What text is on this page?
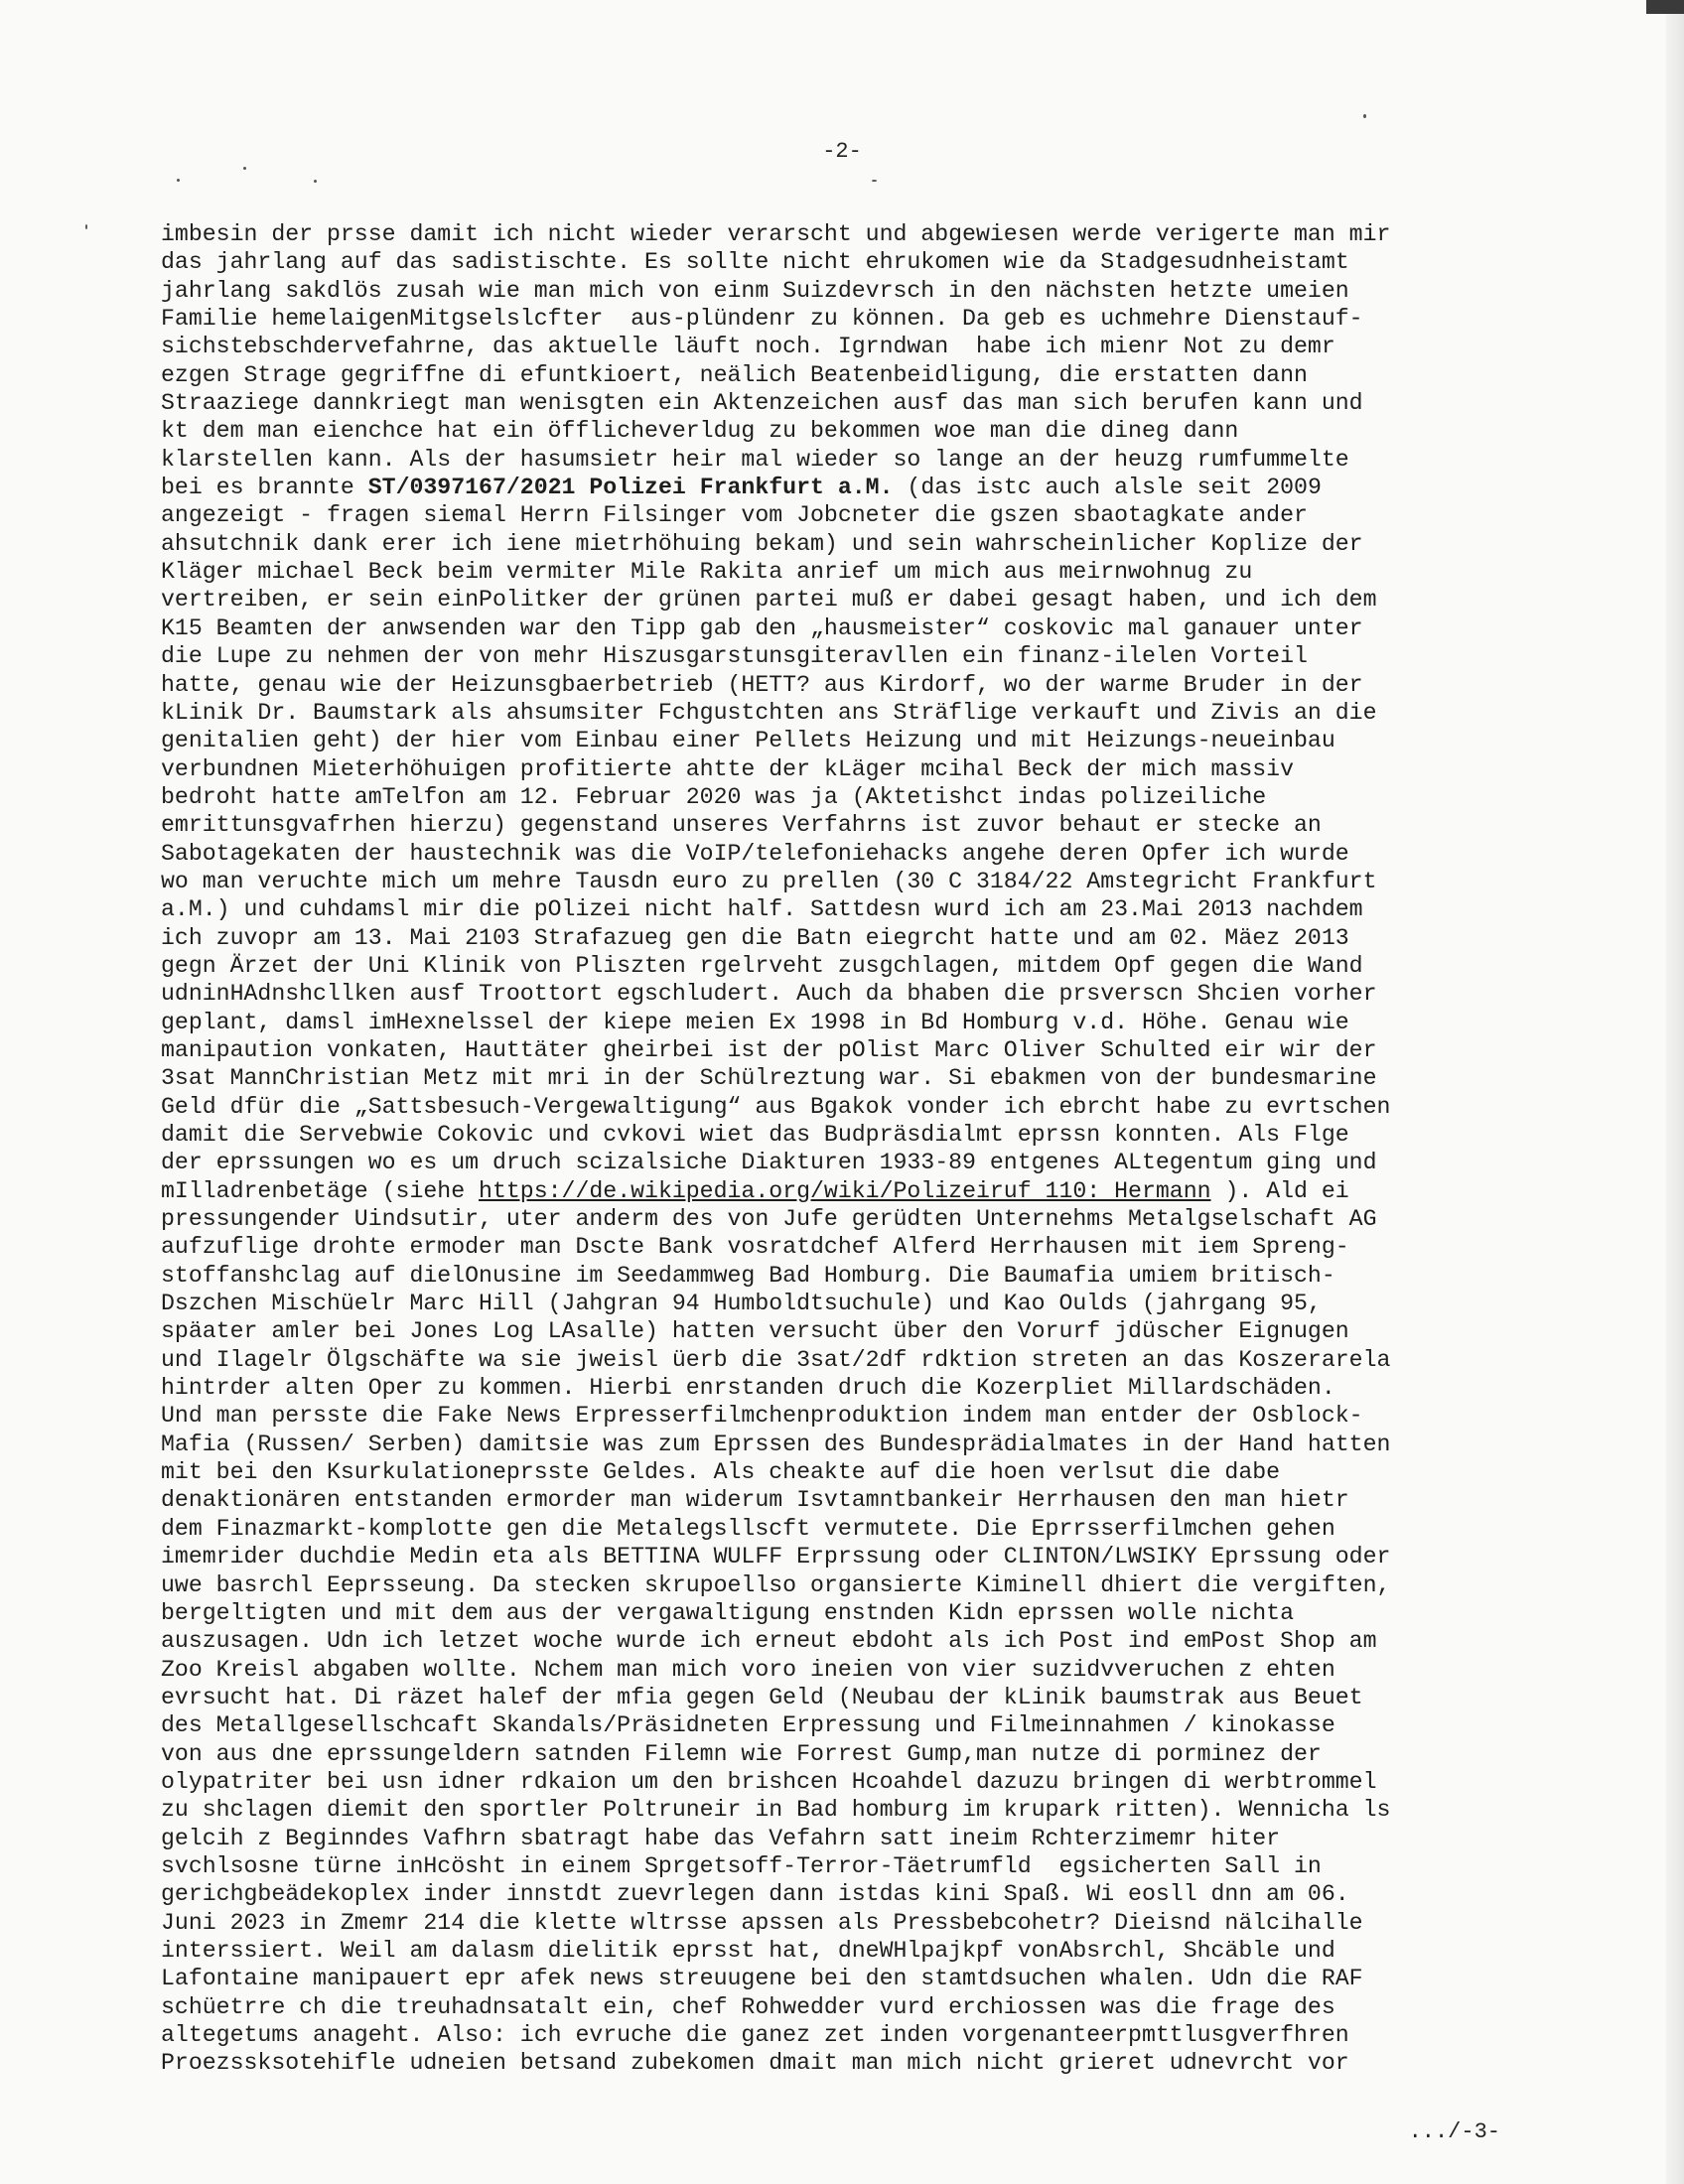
-2-
imbesin der prsse damit ich nicht wieder verarscht und abgewiesen werde verigerte man mir
das jahrlang auf das sadistischte. Es sollte nicht ehrukomen wie da Stadgesudnheistamt
jahrlang sakdlös zusah wie man mich von einm Suizdevrsch in den nächsten hetzte umeien
Familie hemelaigenMitgselslcfter  aus-plündenr zu können. Da geb es uchmehre Dienstauf-
sichstebschdervefahrne, das aktuelle läuft noch. Igrndwan  habe ich mienr Not zu demr
ezgen Strage gegriffne di efuntkioert, neälich Beatenbeidligung, die erstatten dann
Straaziege dannkriegt man wenisgten ein Aktenzeichen ausf das man sich berufen kann und
kt dem man eienchce hat ein öfflicheverldug zu bekommen woe man die dineg dann
klarstellen kann. Als der hasumsietr heir mal wieder so lange an der heuzg rumfummelte
bei es brannte ST/0397167/2021 Polizei Frankfurt a.M. (das istc auch alsle seit 2009
angezeigt - fragen siemal Herrn Filsinger vom Jobcneter die gszen sbaotagkate ander
ahsutchnik dank erer ich iene mietrhöhuing bekam) und sein wahrscheinlicher Koplize der
Kläger michael Beck beim vermiter Mile Rakita anrief um mich aus meirnwohnug zu
vertreiben, er sein einPolitker der grünen partei muß er dabei gesagt haben, und ich dem
K15 Beamten der anwsenden war den Tipp gab den „hausmeister“ coskovic mal ganauer unter
die Lupe zu nehmen der von mehr Hiszusgarstunsgiteravllen ein finanz-ilelen Vorteil
hatte, genau wie der Heizunsgbaerbetrieb (HETT? aus Kirdorf, wo der warme Bruder in der
kLinik Dr. Baumstark als ahsumsiter Fchgustchten ans Sträflige verkauft und Zivis an die
genitalien geht) der hier vom Einbau einer Pellets Heizung und mit Heizungs-neueinbau
verbundnen Mieterhöhuigen profitierte ahtte der kLäger mcihal Beck der mich massiv
bedroht hatte amTelfon am 12. Februar 2020 was ja (Aktetishct indas polizeiliche
emrittunsgvafrhen hierzu) gegenstand unseres Verfahrns ist zuvor behaut er stecke an
Sabotagekaten der haustechnik was die VoIP/telefoniehacks angehe deren Opfer ich wurde
wo man veruchte mich um mehre Tausdn euro zu prellen (30 C 3184/22 Amstegricht Frankfurt
a.M.) und cuhdamsl mir die pOlizei nicht half. Sattdesn wurd ich am 23.Mai 2013 nachdem
ich zuvopr am 13. Mai 2103 Strafazueg gen die Batn eiegrcht hatte und am 02. Mäez 2013
gegn Ärzet der Uni Klinik von Pliszten rgelrveht zusgchlagen, mitdem Opf gegen die Wand
udninHAdnshcllken ausf Troottort egschludert. Auch da bhaben die prsverscn Shcien vorher
geplant, damsl imHexnelssel der kiepe meien Ex 1998 in Bd Homburg v.d. Höhe. Genau wie
manipaution vonkaten, Hauttäter gheirbei ist der pOlist Marc Oliver Schulted eir wir der
3sat MannChristian Metz mit mri in der Schülreztung war. Si ebakmen von der bundesmarine
Geld dfür die „Sattsbesuch-Vergewaltigung“ aus Bgakok vonder ich ebrcht habe zu evrtschen
damit die Servebwie Cokovic und cvkovi wiet das Budpräsdialmt eprssn konnten. Als Flge
der eprssungen wo es um druch scizalsiche Diakturen 1933-89 entgenes ALtegentum ging und
mIlladrenbetäge (siehe https://de.wikipedia.org/wiki/Polizeiruf 110: Hermann ). Ald ei
pressungender Uindsutir, uter anderm des von Jufe gerüdten Unternehms Metalgselschaft AG
aufzuflige drohte ermoder man Dscte Bank vosratdchef Alferd Herrhausen mit iem Spreng-
stoffanshclag auf dielOnusine im Seedammweg Bad Homburg. Die Baumafia umiem britisch-
Dszchen Mischüelr Marc Hill (Jahgran 94 Humboldtsuchule) und Kao Oulds (jahrgang 95,
späater amler bei Jones Log LAsalle) hatten versucht über den Vorurf jdüscher Eignugen
und Ilagelr Ölgschäfte wa sie jweisl üerb die 3sat/2df rdktion streten an das Koszerarela
hintrder alten Oper zu kommen. Hierbi enrstanden druch die Kozerpliet Millardschäden.
Und man persste die Fake News Erpresserfilmchenproduktion indem man entder der Osblock-
Mafia (Russen/ Serben) damitsie was zum Eprssen des Bundesprädialmates in der Hand hatten
mit bei den Ksurkulationeprsste Geldes. Als cheakte auf die hoen verlsut die dabe
denaktionären entstanden ermorder man widerum Isvtamntbankeir Herrhausen den man hietr
dem Finazmarkt-komplotte gen die Metalegsllscft vermutete. Die Eprrsserfilmchen gehen
imemrider duchdie Medin eta als BETTINA WULFF Erprssung oder CLINTON/LWSIKY Eprssung oder
uwe basrchl Eeprsseung. Da stecken skrupoellso organsierte Kiminell dhiert die vergiften,
bergeltigten und mit dem aus der vergawaltigung enstnden Kidn eprssen wolle nichta
auszusagen. Udn ich letzet woche wurde ich erneut ebdoht als ich Post ind emPost Shop am
Zoo Kreisl abgaben wollte. Nchem man mich voro ineien von vier suzidvveruchen z ehten
evrsucht hat. Di räzet halef der mfia gegen Geld (Neubau der kLinik baumstrak aus Beuet
des Metallgesellschcaft Skandals/Präsidneten Erpressung und Filmeinnahmen / kinokasse
von aus dne eprssungeldern satnden Filemn wie Forrest Gump,man nutze di porminez der
olypatriter bei usn idner rdkaion um den brishcen Hcoahdel dazuzu bringen di werbtrommel
zu shclagen diemit den sportler Poltruneir in Bad homburg im krupark ritten). Wennicha ls
gelcih z Beginndes Vafhrn sbatragt habe das Vefahrn satt ineim Rchterzimemr hiter
svchlsosne türne inHcösht in einem Sprgetsoff-Terror-Täetrumfld  egsicherten Sall in
gerichgbeädekoplex inder innstdt zuevrlegen dann istdas kini Spaß. Wi eosll dnn am 06.
Juni 2023 in Zmemr 214 die klette wltrsse apssen als Pressbebcohetr? Dieisnd nälcihalle
interssiert. Weil am dalasm dielitik eprsst hat, dneWHlpajkpf vonAbsrchl, Shcäble und
Lafontaine manipauert epr afek news streuugene bei den stamtdsuchen whalen. Udn die RAF
schüetrre ch die treuhadnsatalt ein, chef Rohwedder vurd erchiossen was die frage des
altegetums anageht. Also: ich evruche die ganez zet inden vorgenanteerpmttlusgverfhren
Proezssksotehifle udneien betsand zubekomen dmait man mich nicht grieret udnevrcht vor
.../-3-
